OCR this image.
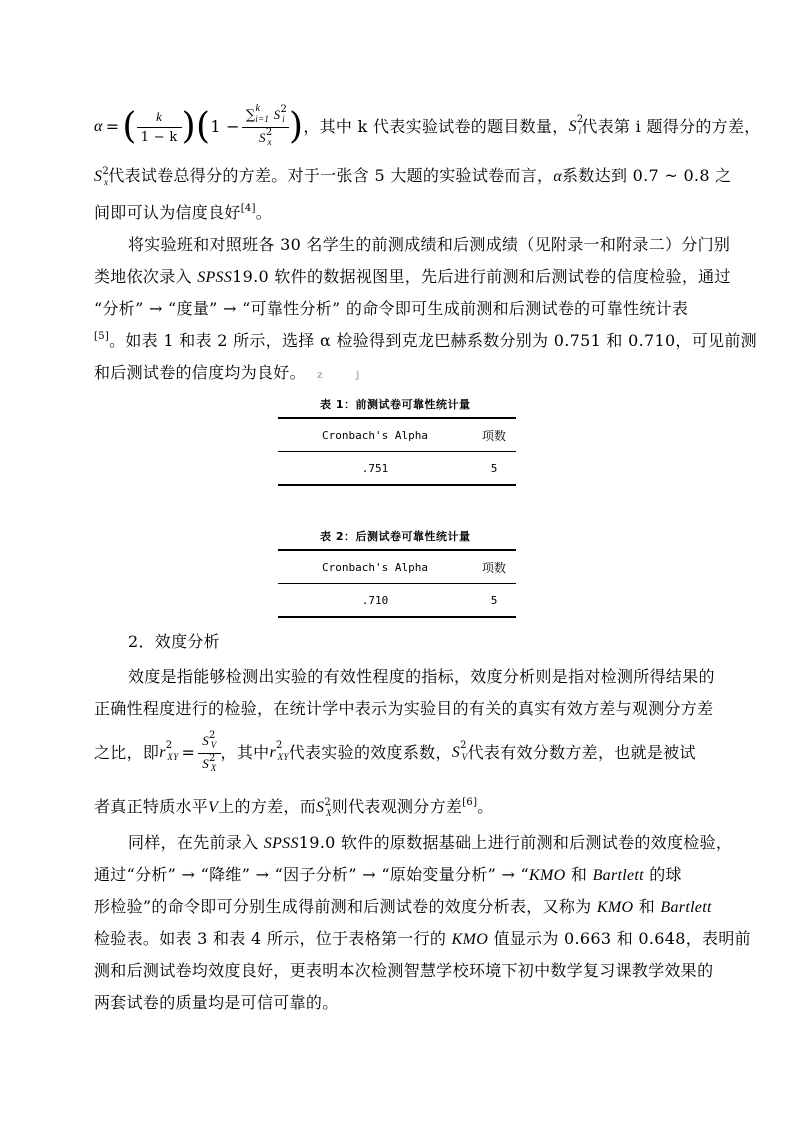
α = ( $\frac{k}{1 - k}$ ) ( $1 - \frac{\sum^k_{i=1} S^2_i}{S^2_x}$ ) ，其中 k 代表实验试卷的题目数量， S 2
i 代表第 i 题得分的方差，
$S^2_x$代表试卷总得分的方差。对于一张含 5 大题的实验试卷而言，α系数达到 0.7 ~ 0.8 之
间即可认为信度良好[4]。
将实验班和对照班各 30 名学生的前测成绩和后测成绩（见附录一和附录二）分门别
类地依次录入 SPSS19.0 软件的数据视图里，先后进行前测和后测试卷的信度检验，通过
“分析” → “度量” → “可靠性分析” 的命令即可生成前测和后测试卷的可靠性统计表
[5]。如表 1 和表 2 所示，选择 α 检验得到克龙巴赫系数分别为 0.751 和 0.710，可见前测
和后测试卷的信度均为良好。 z	j
表 1：前测试卷可靠性统计量
Cronbach's Alpha	项数
.751	5
表 2：后测试卷可靠性统计量
Cronbach's Alpha	项数
.710	5
2．效度分析
效度是指能够检测出实验的有效性程度的指标，效度分析则是指对检测所得结果的
正确性程度进行的检验，在统计学中表示为实验目的有关的真实有效方差与观测分方差
之比，即 r 2
XY = $\frac{S^2_V}{S^2_X}$ ，其中 r 2
XY 代表实验的效度系数， S 2
V 代表有效分数方差，也就是被试
者真正特质水平V上的方差，而$S^2_X$则代表观测分方差[6]。
同样，在先前录入 SPSS19.0 软件的原数据基础上进行前测和后测试卷的效度检验，
通过“分析” → “降维” → “因子分析” → “原始变量分析” → “KMO 和 Bartlett 的球
形检验”的命令即可分别生成得前测和后测试卷的效度分析表，又称为 KMO 和 Bartlett
检验表。如表 3 和表 4 所示，位于表格第一行的 KMO 值显示为 0.663 和 0.648，表明前
测和后测试卷均效度良好，更表明本次检测智慧学校环境下初中数学复习课教学效果的
两套试卷的质量均是可信可靠的。
